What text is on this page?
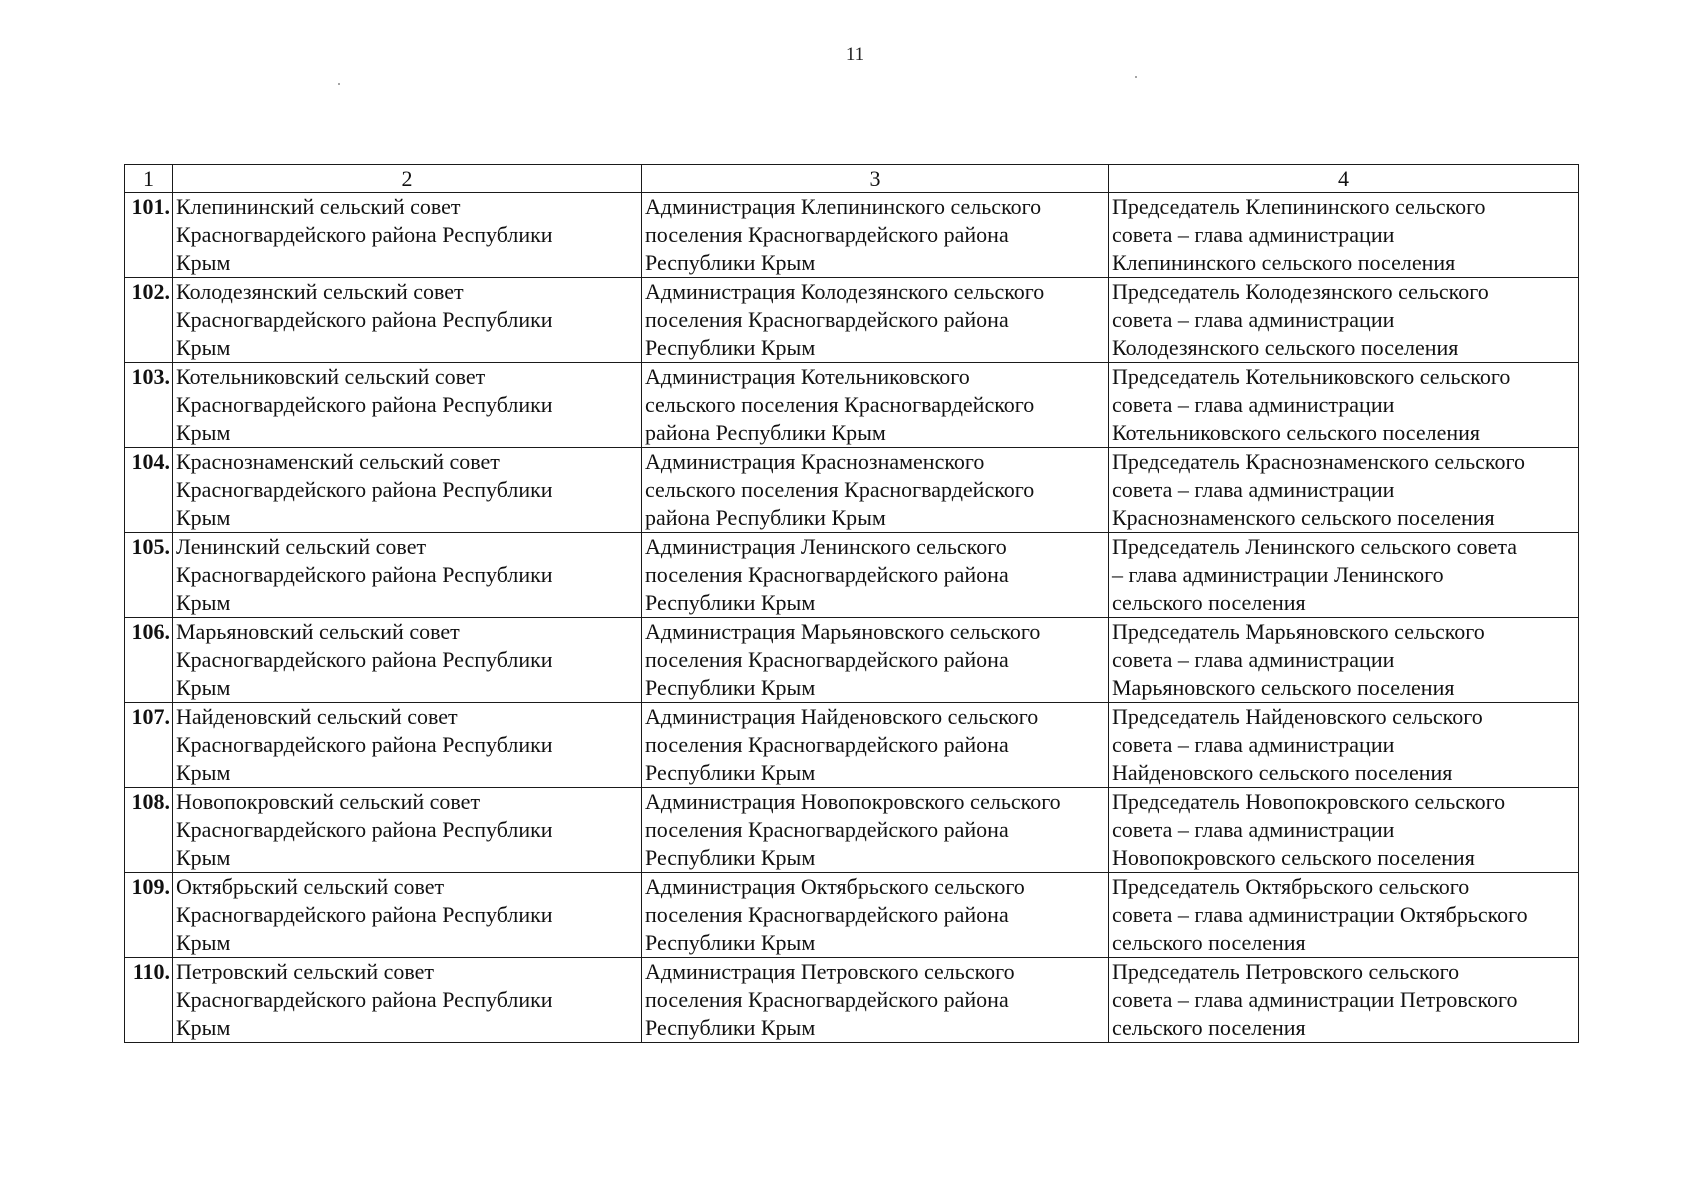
11
1	2	3	4
101.	Клепининский сельский совет
Красногвардейского района Республики
Крым	Администрация Клепининского сельского
поселения Красногвардейского района
Республики Крым	Председатель Клепининского сельского
совета – глава администрации
Клепининского сельского поселения
102.	Колодезянский сельский совет
Красногвардейского района Республики
Крым	Администрация Колодезянского сельского
поселения Красногвардейского района
Республики Крым	Председатель Колодезянского сельского
совета – глава администрации
Колодезянского сельского поселения
103.	Котельниковский сельский совет
Красногвардейского района Республики
Крым	Администрация Котельниковского
сельского поселения Красногвардейского
района Республики Крым	Председатель Котельниковского сельского
совета – глава администрации
Котельниковского сельского поселения
104.	Краснознаменский сельский совет
Красногвардейского района Республики
Крым	Администрация Краснознаменского
сельского поселения Красногвардейского
района Республики Крым	Председатель Краснознаменского сельского
совета – глава администрации
Краснознаменского сельского поселения
105.	Ленинский сельский совет
Красногвардейского района Республики
Крым	Администрация Ленинского сельского
поселения Красногвардейского района
Республики Крым	Председатель Ленинского сельского совета
– глава администрации Ленинского
сельского поселения
106.	Марьяновский сельский совет
Красногвардейского района Республики
Крым	Администрация Марьяновского сельского
поселения Красногвардейского района
Республики Крым	Председатель Марьяновского сельского
совета – глава администрации
Марьяновского сельского поселения
107.	Найденовский сельский совет
Красногвардейского района Республики
Крым	Администрация Найденовского сельского
поселения Красногвардейского района
Республики Крым	Председатель Найденовского сельского
совета – глава администрации
Найденовского сельского поселения
108.	Новопокровский сельский совет
Красногвардейского района Республики
Крым	Администрация Новопокровского сельского
поселения Красногвардейского района
Республики Крым	Председатель Новопокровского сельского
совета – глава администрации
Новопокровского сельского поселения
109.	Октябрьский сельский совет
Красногвардейского района Республики
Крым	Администрация Октябрьского сельского
поселения Красногвардейского района
Республики Крым	Председатель Октябрьского сельского
совета – глава администрации Октябрьского
сельского поселения
110.	Петровский сельский совет
Красногвардейского района Республики
Крым	Администрация Петровского сельского
поселения Красногвардейского района
Республики Крым	Председатель Петровского сельского
совета – глава администрации Петровского
сельского поселения
